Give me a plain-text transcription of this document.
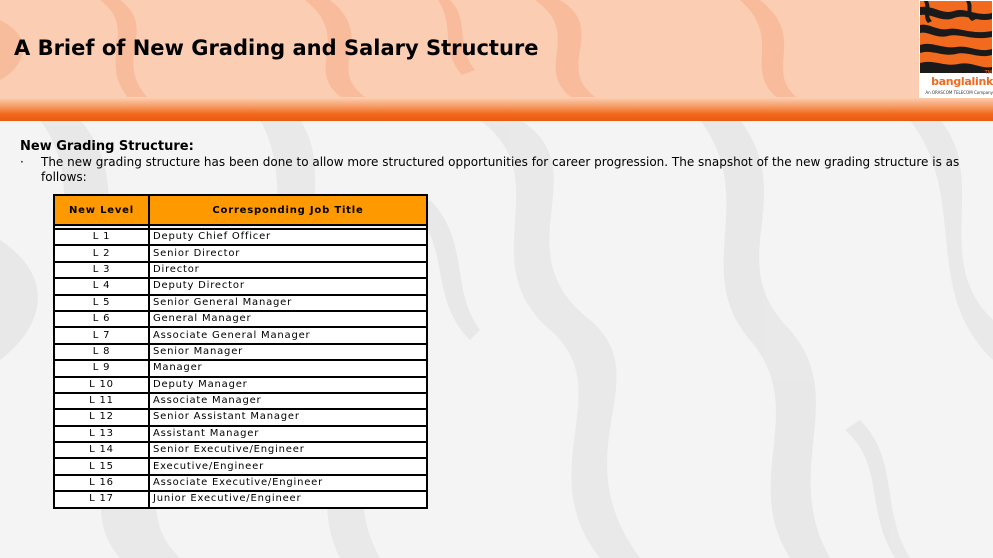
A Brief of New Grading and Salary Structure
TM
banglalink
An ORASCOM TELECOM Company
New Grading Structure:
· The new grading structure has been done to allow more structured opportunities for career progression. The snapshot of the new grading structure is as follows:

New Level	Corresponding Job Title

L 1	Deputy Chief Officer
L 2	Senior Director
L 3	Director
L 4	Deputy Director
L 5	Senior General Manager
L 6	General Manager
L 7	Associate General Manager
L 8	Senior Manager
L 9	Manager
L 10	Deputy Manager
L 11	Associate Manager
L 12	Senior Assistant Manager
L 13	Assistant Manager
L 14	Senior Executive/Engineer
L 15	Executive/Engineer
L 16	Associate Executive/Engineer
L 17	Junior Executive/Engineer
